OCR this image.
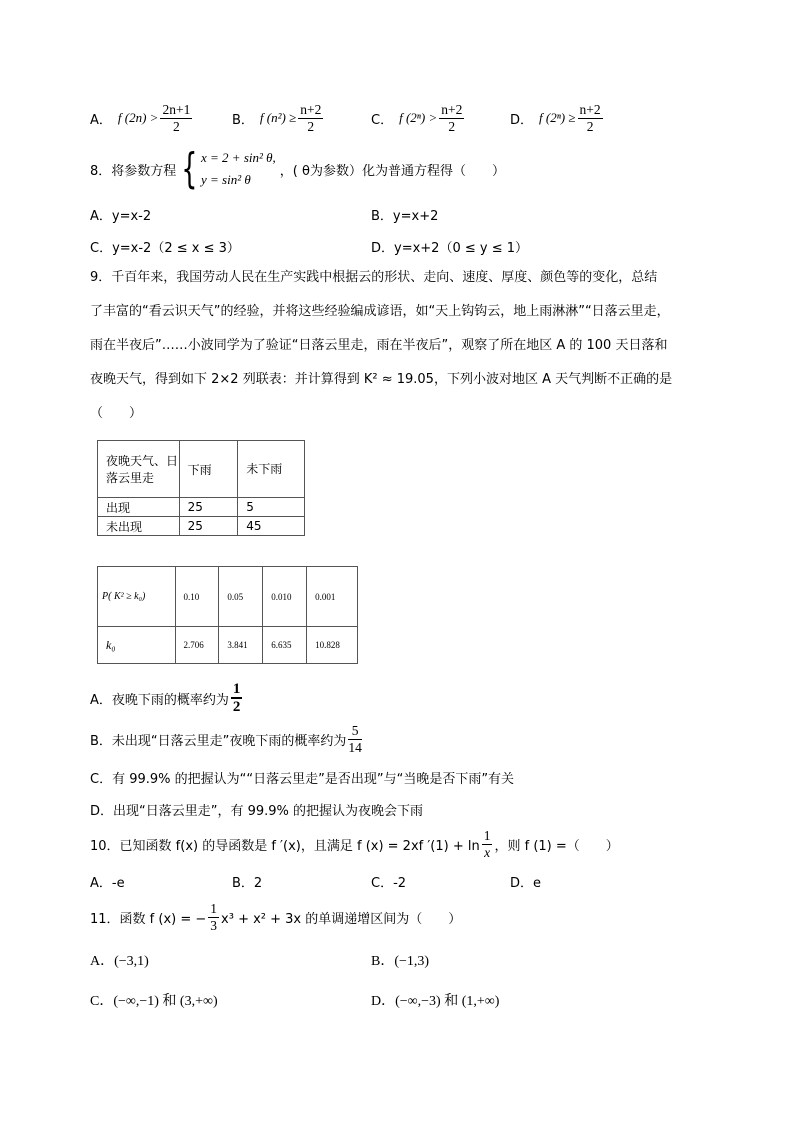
A． f $(2n) > \frac{2n+1}{2}$	B． f $(n^2) \ge \frac{n+2}{2}$	C． f $(2^n) > \frac{n+2}{2}$	D． f $(2^n) \ge \frac{n+2}{2}$
8．将参数方程 { x = 2 + sin² θ,
y = sin² θ
，( θ为参数）化为普通方程得（　　）
A．y=x-2	B．y=x+2
C．y=x-2（2 ≤ x ≤ 3）	D．y=x+2（0 ≤ y ≤ 1）
9．千百年来，我国劳动人民在生产实践中根据云的形状、走向、速度、厚度、颜色等的变化，总结
了丰富的“看云识天气”的经验，并将这些经验编成谚语，如“天上钩钩云，地上雨淋淋”“日落云里走，
雨在半夜后”……小波同学为了验证“日落云里走，雨在半夜后”，观察了所在地区 A 的 100 天日落和
夜晚天气，得到如下 2×2 列联表：并计算得到 K² ≈ 19.05，下列小波对地区 A 天气判断不正确的是
（　　）
夜晚天气、日落云里走	下雨	未下雨
出现	25	5
未出现	25	45
P( K² ≥ k₀)	0.10	0.05	0.010	0.001
k₀	2.706	3.841	6.635	10.828
A．夜晚下雨的概率约为 $\frac{1}{2}$
B．未出现“日落云里走”夜晚下雨的概率约为 $\frac{5}{14}$
C．有 99.9% 的把握认为““日落云里走”是否出现”与“当晚是否下雨”有关
D．出现“日落云里走”，有 99.9% 的把握认为夜晚会下雨
10．已知函数 f(x) 的导函数是 f ′(x)，且满足 f (x) = 2xf $'(1) + \ln \frac{1}{x}$ ，则 f (1) =（　　）
A．-e	B．2	C．-2	D．e
11．函数 f (x) = − $\frac{1}{3} x^3 + x^2 + 3x$ 的单调递增区间为（　　）
A．(−3,1)	B．(−1,3)
C．(−∞,−1) 和 (3,+∞)	D．(−∞,−3) 和 (1,+∞)
